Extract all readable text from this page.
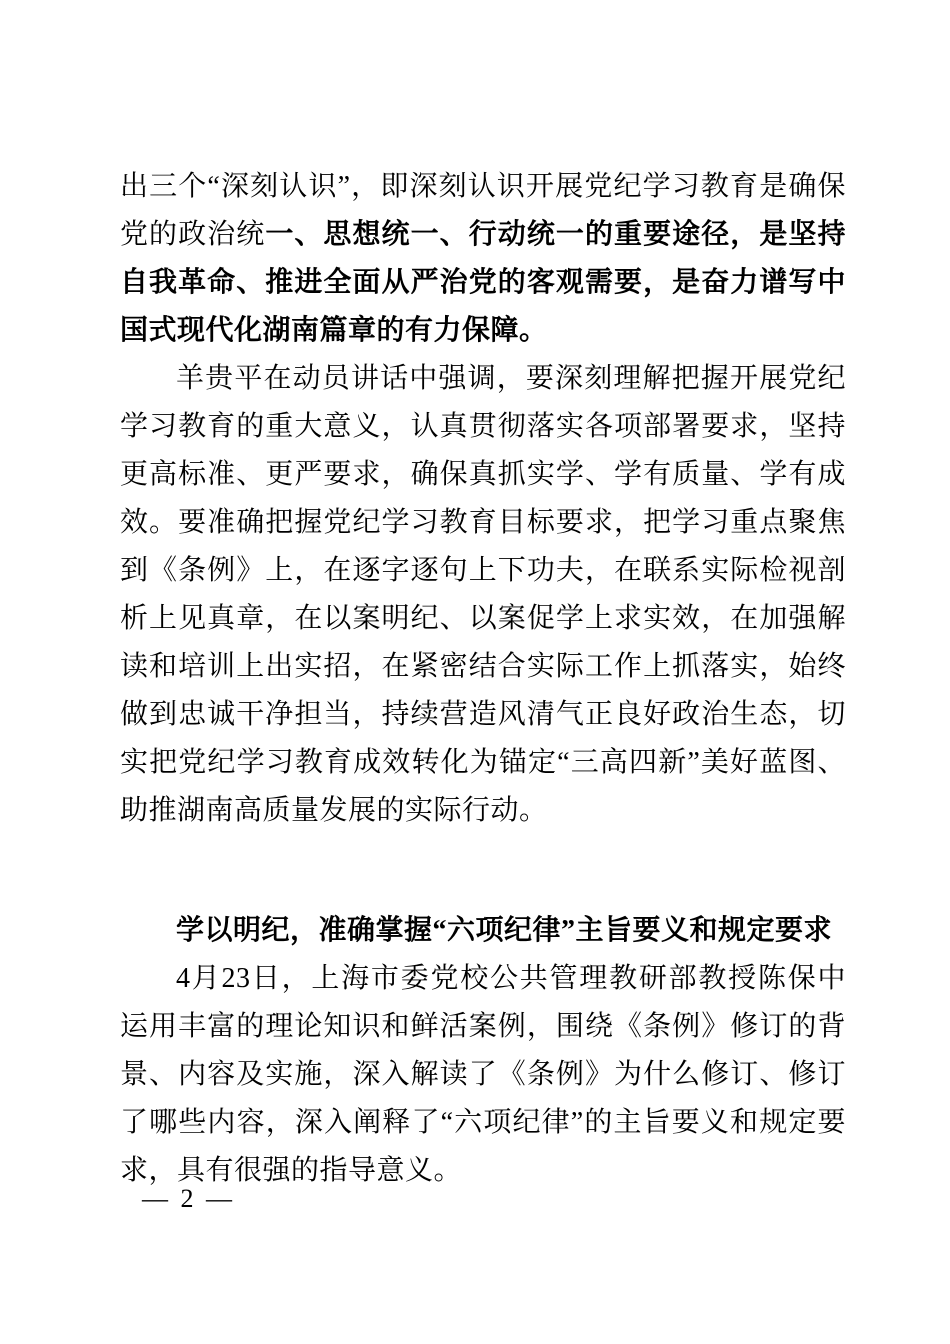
出三个“深刻认识”，即深刻认识开展党纪学习教育是确保党的政治统一、思想统一、行动统一的重要途径，是坚持自我革命、推进全面从严治党的客观需要，是奋力谱写中国式现代化湖南篇章的有力保障。

羊贵平在动员讲话中强调，要深刻理解把握开展党纪学习教育的重大意义，认真贯彻落实各项部署要求，坚持更高标准、更严要求，确保真抓实学、学有质量、学有成效。要准确把握党纪学习教育目标要求，把学习重点聚焦到《条例》上，在逐字逐句上下功夫，在联系实际检视剖析上见真章，在以案明纪、以案促学上求实效，在加强解读和培训上出实招，在紧密结合实际工作上抓落实，始终做到忠诚干净担当，持续营造风清气正良好政治生态，切实把党纪学习教育成效转化为锚定“三高四新”美好蓝图、助推湖南高质量发展的实际行动。

学以明纪，准确掌握“六项纪律”主旨要义和规定要求

4月23日，上海市委党校公共管理教研部教授陈保中运用丰富的理论知识和鲜活案例，围绕《条例》修订的背景、内容及实施，深入解读了《条例》为什么修订、修订了哪些内容，深入阐释了“六项纪律”的主旨要义和规定要求，具有很强的指导意义。

— 2 —
